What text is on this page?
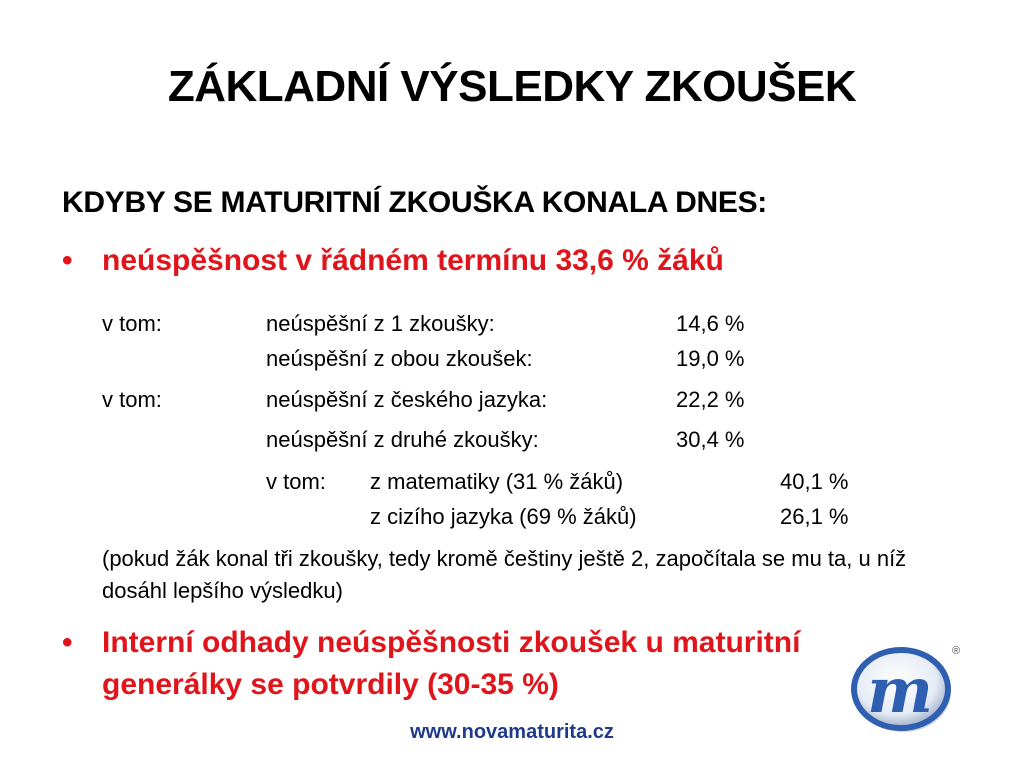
ZÁKLADNÍ VÝSLEDKY ZKOUŠEK
KDYBY SE MATURITNÍ ZKOUŠKA KONALA DNES:
• neúspěšnost v řádném termínu 33,6 % žáků
v tom:	neúspěšní z 1 zkoušky:	14,6 %
neúspěšní z obou zkoušek:	19,0 %
v tom:	neúspěšní z českého jazyka:	22,2 %
neúspěšní z druhé zkoušky:	30,4 %
v tom: z matematiky (31 % žáků)	40,1 %
z cizího jazyka (69 % žáků)	26,1 %
(pokud žák konal tři zkoušky, tedy kromě češtiny ještě 2, započítala se mu ta, u níž dosáhl lepšího výsledku)
• Interní odhady neúspěšnosti zkoušek u maturitní generálky se potvrdily (30-35 %)	m
®
www.novamaturita.cz
